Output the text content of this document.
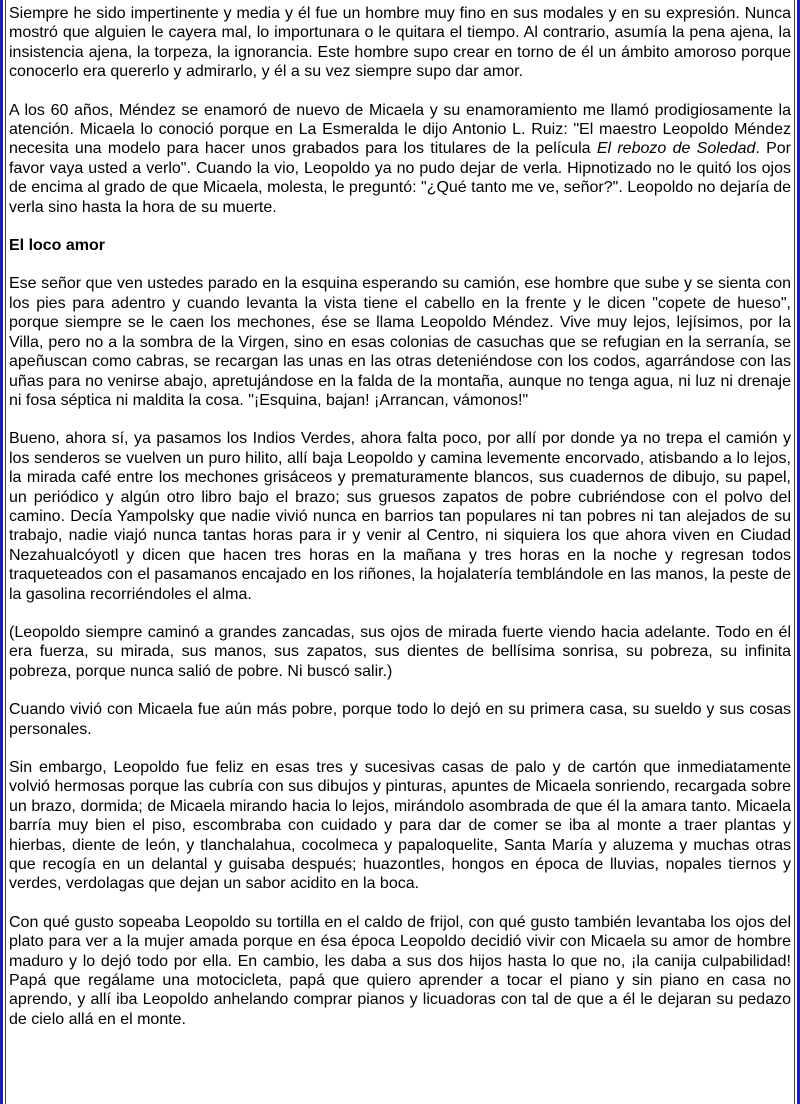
Siempre he sido impertinente y media y él fue un hombre muy fino en sus modales y en su expresión. Nunca mostró que alguien le cayera mal, lo importunara o le quitara el tiempo. Al contrario, asumía la pena ajena, la insistencia ajena, la torpeza, la ignorancia. Este hombre supo crear en torno de él un ámbito amoroso porque conocerlo era quererlo y admirarlo, y él a su vez siempre supo dar amor.

A los 60 años, Méndez se enamoró de nuevo de Micaela y su enamoramiento me llamó prodigiosamente la atención. Micaela lo conoció porque en La Esmeralda le dijo Antonio L. Ruiz: "El maestro Leopoldo Méndez necesita una modelo para hacer unos grabados para los titulares de la película El rebozo de Soledad. Por favor vaya usted a verlo". Cuando la vio, Leopoldo ya no pudo dejar de verla. Hipnotizado no le quitó los ojos de encima al grado de que Micaela, molesta, le preguntó: "¿Qué tanto me ve, señor?". Leopoldo no dejaría de verla sino hasta la hora de su muerte.

El loco amor

Ese señor que ven ustedes parado en la esquina esperando su camión, ese hombre que sube y se sienta con los pies para adentro y cuando levanta la vista tiene el cabello en la frente y le dicen "copete de hueso", porque siempre se le caen los mechones, ése se llama Leopoldo Méndez. Vive muy lejos, lejísimos, por la Villa, pero no a la sombra de la Virgen, sino en esas colonias de casuchas que se refugian en la serranía, se apeñuscan como cabras, se recargan las unas en las otras deteniéndose con los codos, agarrándose con las uñas para no venirse abajo, apretujándose en la falda de la montaña, aunque no tenga agua, ni luz ni drenaje ni fosa séptica ni maldita la cosa. "¡Esquina, bajan! ¡Arrancan, vámonos!"

Bueno, ahora sí, ya pasamos los Indios Verdes, ahora falta poco, por allí por donde ya no trepa el camión y los senderos se vuelven un puro hilito, allí baja Leopoldo y camina levemente encorvado, atisbando a lo lejos, la mirada café entre los mechones grisáceos y prematuramente blancos, sus cuadernos de dibujo, su papel, un periódico y algún otro libro bajo el brazo; sus gruesos zapatos de pobre cubriéndose con el polvo del camino. Decía Yampolsky que nadie vivió nunca en barrios tan populares ni tan pobres ni tan alejados de su trabajo, nadie viajó nunca tantas horas para ir y venir al Centro, ni siquiera los que ahora viven en Ciudad Nezahualcóyotl y dicen que hacen tres horas en la mañana y tres horas en la noche y regresan todos traqueteados con el pasamanos encajado en los riñones, la hojalatería temblándole en las manos, la peste de la gasolina recorriéndoles el alma.

(Leopoldo siempre caminó a grandes zancadas, sus ojos de mirada fuerte viendo hacia adelante. Todo en él era fuerza, su mirada, sus manos, sus zapatos, sus dientes de bellísima sonrisa, su pobreza, su infinita pobreza, porque nunca salió de pobre. Ni buscó salir.)

Cuando vivió con Micaela fue aún más pobre, porque todo lo dejó en su primera casa, su sueldo y sus cosas personales.

Sin embargo, Leopoldo fue feliz en esas tres y sucesivas casas de palo y de cartón que inmediatamente volvió hermosas porque las cubría con sus dibujos y pinturas, apuntes de Micaela sonriendo, recargada sobre un brazo, dormida; de Micaela mirando hacia lo lejos, mirándolo asombrada de que él la amara tanto. Micaela barría muy bien el piso, escombraba con cuidado y para dar de comer se iba al monte a traer plantas y hierbas, diente de león, y tlanchalahua, cocolmeca y papaloquelite, Santa María y aluzema y muchas otras que recogía en un delantal y guisaba después; huazontles, hongos en época de lluvias, nopales tiernos y verdes, verdolagas que dejan un sabor acidito en la boca.

Con qué gusto sopeaba Leopoldo su tortilla en el caldo de frijol, con qué gusto también levantaba los ojos del plato para ver a la mujer amada porque en ésa época Leopoldo decidió vivir con Micaela su amor de hombre maduro y lo dejó todo por ella. En cambio, les daba a sus dos hijos hasta lo que no, ¡la canija culpabilidad! Papá que regálame una motocicleta, papá que quiero aprender a tocar el piano y sin piano en casa no aprendo, y allí iba Leopoldo anhelando comprar pianos y licuadoras con tal de que a él le dejaran su pedazo de cielo allá en el monte.
